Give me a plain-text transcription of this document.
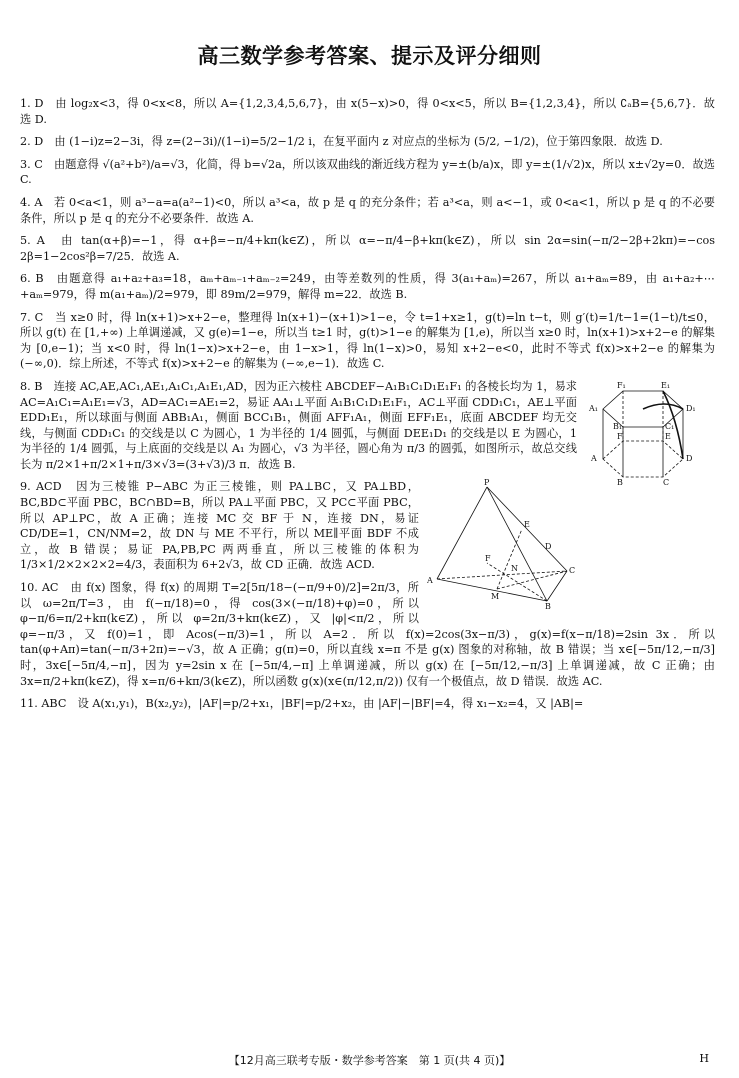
高三数学参考答案、提示及评分细则

1. D　由 log₂x<3，得 0<x<8，所以 A={1,2,3,4,5,6,7}，由 x(5−x)>0，得 0<x<5，所以 B={1,2,3,4}，所以 ∁ₐB={5,6,7}．故选 D.

2. D　由 (1−i)z=2−3i，得 z=(2−3i)/(1−i)=5/2−1/2 i，在复平面内 z 对应点的坐标为 (5/2, −1/2)，位于第四象限．故选 D.

3. C　由题意得 √(a²+b²)/a=√3，化简，得 b=√2a，所以该双曲线的渐近线方程为 y=±(b/a)x，即 y=±(1/√2)x，所以 x±√2y=0．故选 C.

4. A　若 0<a<1，则 a³−a=a(a²−1)<0，所以 a³<a，故 p 是 q 的充分条件；若 a³<a，则 a<−1，或 0<a<1，所以 p 是 q 的不必要条件，所以 p 是 q 的充分不必要条件．故选 A.

5. A　由 tan(α+β)=−1，得 α+β=−π/4+kπ(k∈Z)，所以 α=−π/4−β+kπ(k∈Z)，所以 sin 2α=sin(−π/2−2β+2kπ)=−cos 2β=1−2cos²β=7/25．故选 A.

6. B　由题意得 a₁+a₂+a₃=18，aₘ+aₘ₋₁+aₘ₋₂=249，由等差数列的性质，得 3(a₁+aₘ)=267，所以 a₁+aₘ=89，由 a₁+a₂+⋯+aₘ=979，得 m(a₁+aₘ)/2=979，即 89m/2=979，解得 m=22．故选 B.

7. C　当 x≥0 时，得 ln(x+1)>x+2−e，整理得 ln(x+1)−(x+1)>1−e，令 t=1+x≥1，g(t)=ln t−t，则 g′(t)=1/t−1=(1−t)/t≤0，所以 g(t) 在 [1,+∞) 上单调递减，又 g(e)=1−e，所以当 t≥1 时，g(t)>1−e 的解集为 [1,e)，所以当 x≥0 时，ln(x+1)>x+2−e 的解集为 [0,e−1)；当 x<0 时，得 ln(1−x)>x+2−e，由 1−x>1，得 ln(1−x)>0，易知 x+2−e<0，此时不等式 f(x)>x+2−e 的解集为 (−∞,0)．综上所述，不等式 f(x)>x+2−e 的解集为 (−∞,e−1)．故选 C.

F₁	E₁
A₁	D₁
B₁	C₁
F	E
A	D
B	C

8. B　连接 AC,AE,AC₁,AE₁,A₁C₁,A₁E₁,AD，因为正六棱柱 ABCDEF−A₁B₁C₁D₁E₁F₁ 的各棱长均为 1，易求 AC=A₁C₁=A₁E₁=√3，AD=AC₁=AE₁=2，易证 AA₁⊥平面 A₁B₁C₁D₁E₁F₁，AC⊥平面 CDD₁C₁，AE⊥平面 EDD₁E₁，所以球面与侧面 ABB₁A₁，侧面 BCC₁B₁，侧面 AFF₁A₁，侧面 EFF₁E₁，底面 ABCDEF 均无交线，与侧面 CDD₁C₁ 的交线是以 C 为圆心，1 为半径的 1/4 圆弧，与侧面 DEE₁D₁ 的交线是以 E 为圆心，1 为半径的 1/4 圆弧，与上底面的交线是以 A₁ 为圆心，√3 为半径，圆心角为 π/3 的圆弧，如图所示，故总交线长为 π/2×1+π/2×1+π/3×√3=(3+√3)/3 π．故选 B.

P
E
D
F
N
A
C
M
B

9. ACD　因为三棱锥 P−ABC 为正三棱锥，则 PA⊥BC，又 PA⊥BD，BC,BD⊂平面 PBC，BC∩BD=B，所以 PA⊥平面 PBC，又 PC⊂平面 PBC，所以 AP⊥PC，故 A 正确；连接 MC 交 BF 于 N，连接 DN，易证 CD/DE=1，CN/NM=2，故 DN 与 ME 不平行，所以 ME∥平面 BDF 不成立，故 B 错误；易证 PA,PB,PC 两两垂直，所以三棱锥的体积为 1/3×1/2×2×2×2=4/3，表面积为 6+2√3，故 CD 正确．故选 ACD.

10. AC　由 f(x) 图象，得 f(x) 的周期 T=2[5π/18−(−π/9+0)/2]=2π/3，所以 ω=2π/T=3，由 f(−π/18)=0，得 cos(3×(−π/18)+φ)=0，所以 φ−π/6=π/2+kπ(k∈Z)，所以 φ=2π/3+kπ(k∈Z)，又 |φ|<π/2，所以 φ=−π/3，又 f(0)=1，即 Acos(−π/3)=1，所以 A=2．所以 f(x)=2cos(3x−π/3)，g(x)=f(x−π/18)=2sin 3x．所以 tan(φ+Aπ)=tan(−π/3+2π)=−√3，故 A 正确；g(π)=0，所以直线 x=π 不是 g(x) 图象的对称轴，故 B 错误；当 x∈[−5π/12,−π/3] 时，3x∈[−5π/4,−π]，因为 y=2sin x 在 [−5π/4,−π] 上单调递减，所以 g(x) 在 [−5π/12,−π/3] 上单调递减，故 C 正确；由 3x=π/2+kπ(k∈Z)，得 x=π/6+kπ/3(k∈Z)，所以函数 g(x)(x∈(π/12,π/2)) 仅有一个极值点，故 D 错误．故选 AC.

11. ABC　设 A(x₁,y₁)，B(x₂,y₂)，|AF|=p/2+x₁，|BF|=p/2+x₂，由 |AF|−|BF|=4，得 x₁−x₂=4，又 |AB|=

【12月高三联考专版・数学参考答案　第 1 页(共 4 页)】	H
